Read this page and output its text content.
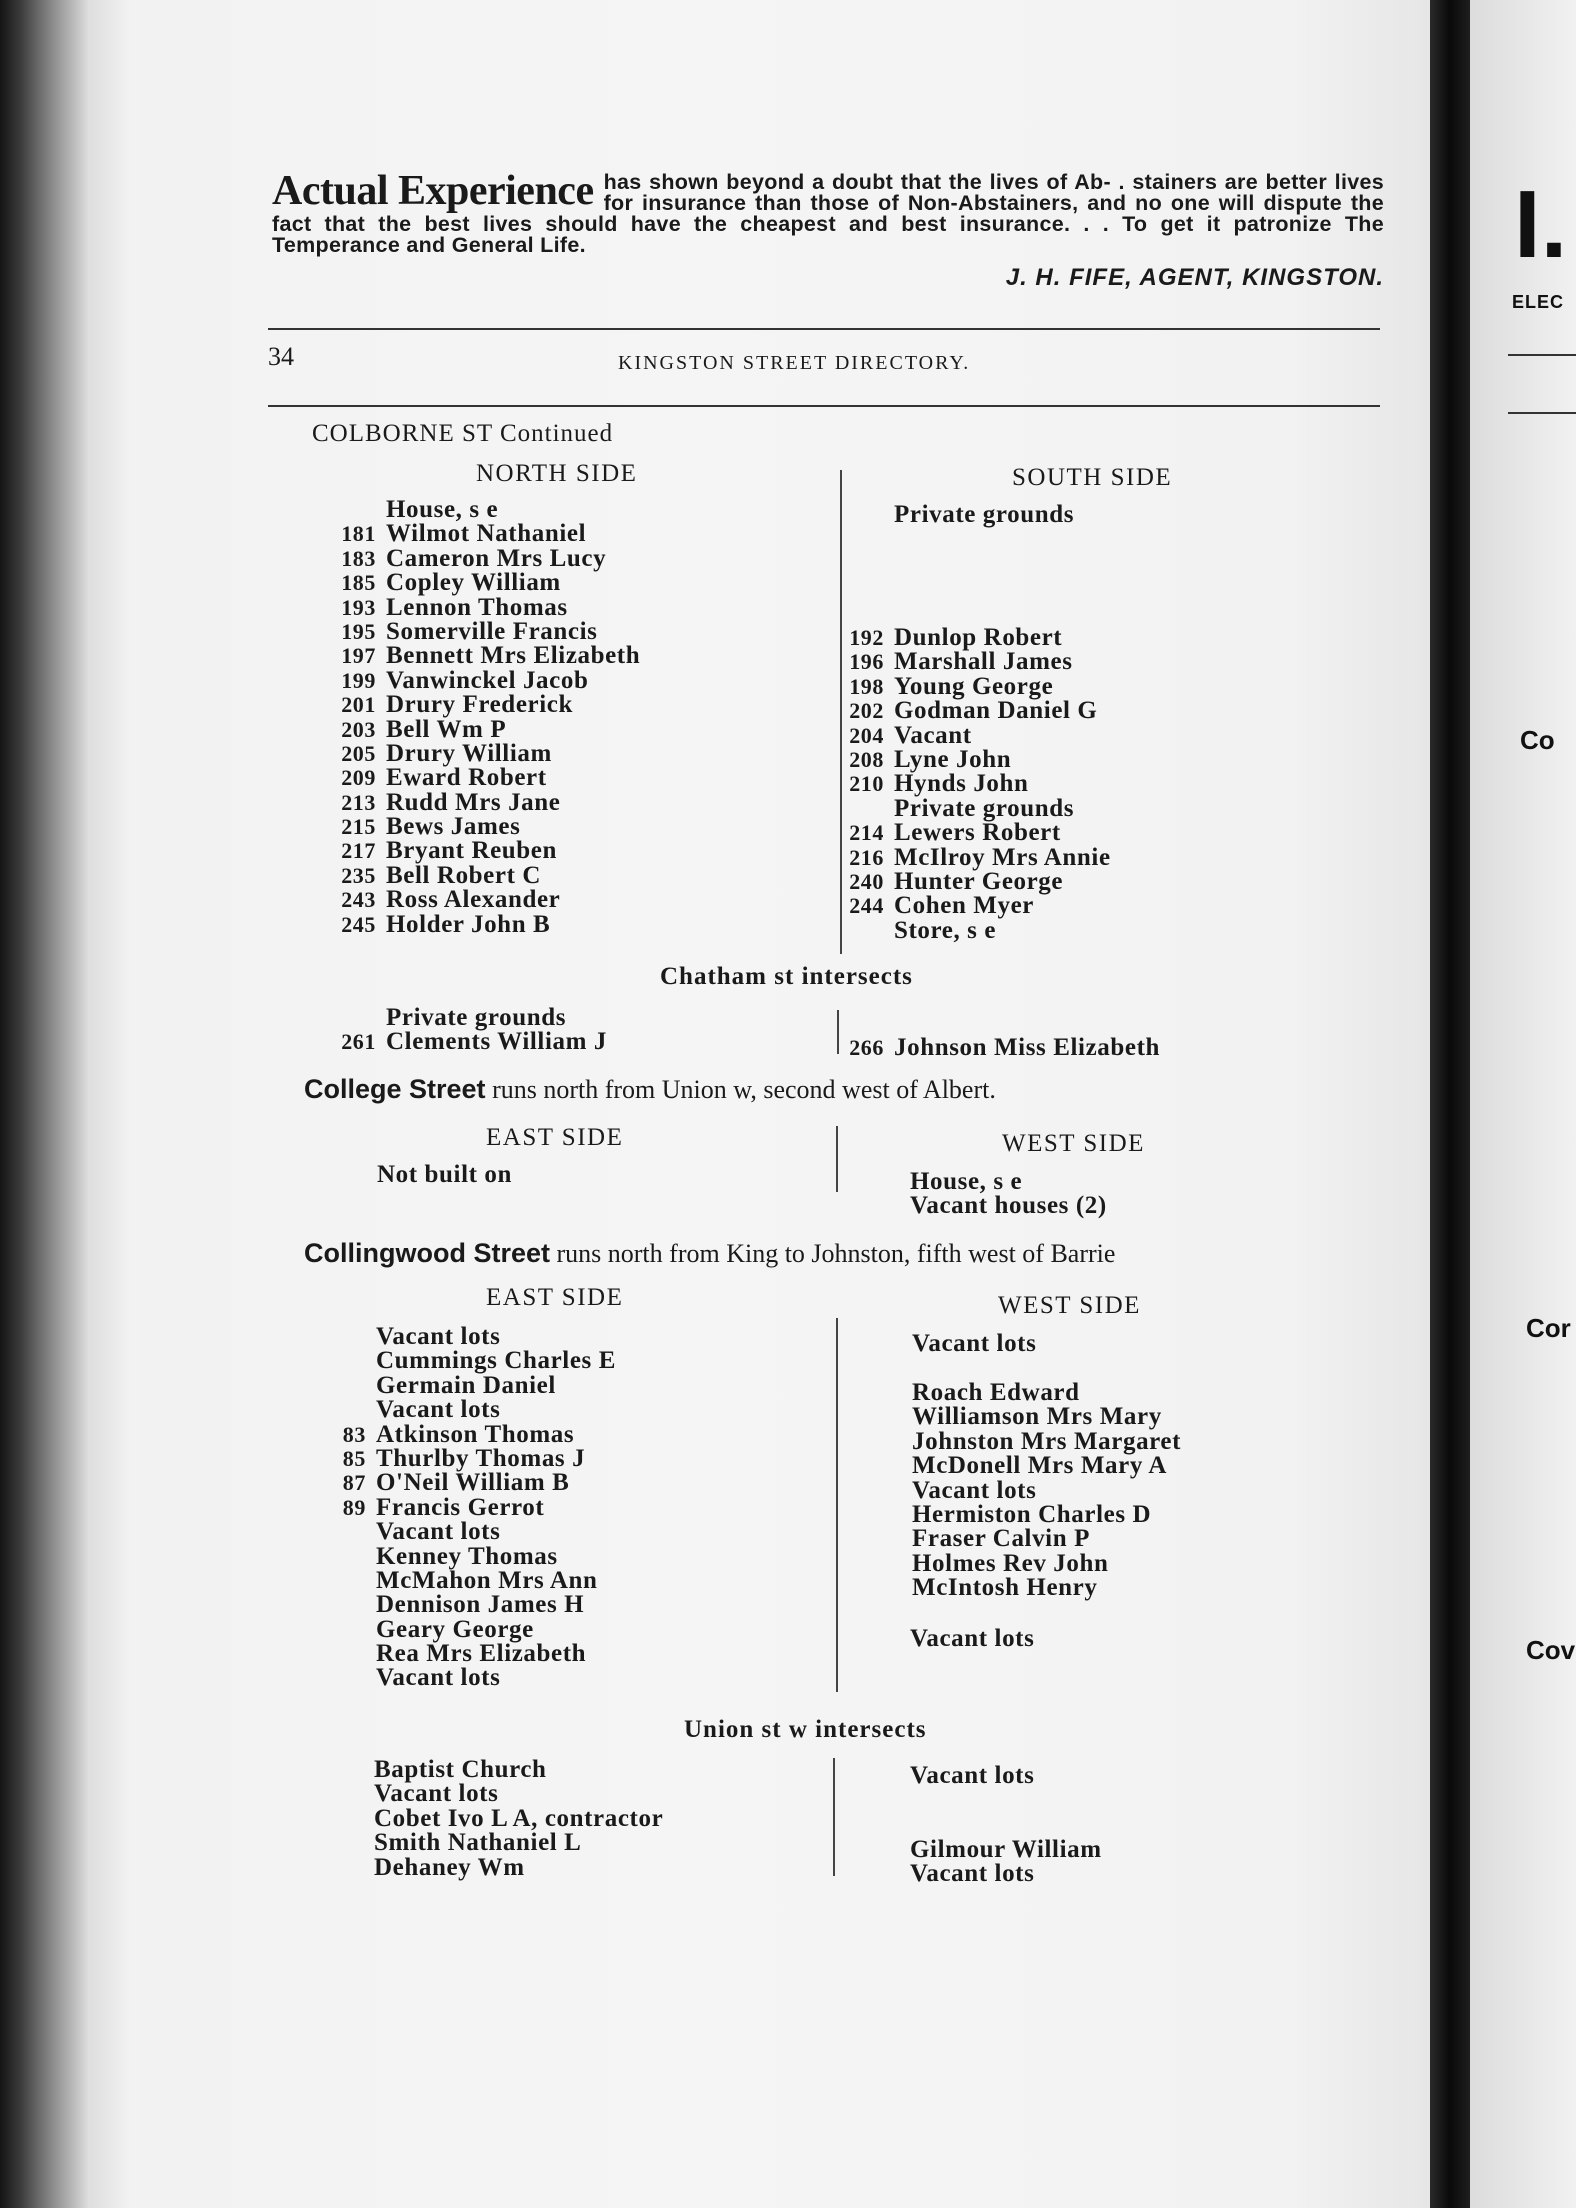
I.
ELEC
Co
Cor
Cov

Actual Experience has shown beyond a doubt that the lives of Ab- . stainers are better lives for insurance than those of Non-Abstainers, and no one will dispute the fact that the best lives should have the cheapest and best insurance. . . To get it patronize The Temperance and General Life.

J. H. FIFE, AGENT, KINGSTON.
34	KINGSTON STREET DIRECTORY.
COLBORNE ST Continued
NORTH SIDE	SOUTH SIDE
House, s e
181 Wilmot Nathaniel
183 Cameron Mrs Lucy
185 Copley William
193 Lennon Thomas
195 Somerville Francis
197 Bennett Mrs Elizabeth
199 Vanwinckel Jacob
201 Drury Frederick
203 Bell Wm P
205 Drury William
209 Eward Robert
213 Rudd Mrs Jane
215 Bews James
217 Bryant Reuben
235 Bell Robert C
243 Ross Alexander
245 Holder John B
Private grounds
192 Dunlop Robert
196 Marshall James
198 Young George
202 Godman Daniel G
204 Vacant
208 Lyne John
210 Hynds John
Private grounds
214 Lewers Robert
216 McIlroy Mrs Annie
240 Hunter George
244 Cohen Myer
Store, s e
Chatham st intersects
Private grounds
261 Clements William J	266 Johnson Miss Elizabeth
College Street runs north from Union w, second west of Albert.
EAST SIDE	WEST SIDE
Not built on	House, s e
Vacant houses (2)
Collingwood Street runs north from King to Johnston, fifth west of Barrie
EAST SIDE	WEST SIDE
Vacant lots
Cummings Charles E
Germain Daniel
Vacant lots
83 Atkinson Thomas
85 Thurlby Thomas J
87 O'Neil William B
89 Francis Gerrot
Vacant lots
Kenney Thomas
McMahon Mrs Ann
Dennison James H
Geary George
Rea Mrs Elizabeth
Vacant lots
Vacant lots
Roach Edward
Williamson Mrs Mary
Johnston Mrs Margaret
McDonell Mrs Mary A
Vacant lots
Hermiston Charles D
Fraser Calvin P
Holmes Rev John
McIntosh Henry
Vacant lots
Union st w intersects
Baptist Church
Vacant lots
Cobet Ivo L A, contractor
Smith Nathaniel L
Dehaney Wm
Vacant lots
Gilmour William
Vacant lots
